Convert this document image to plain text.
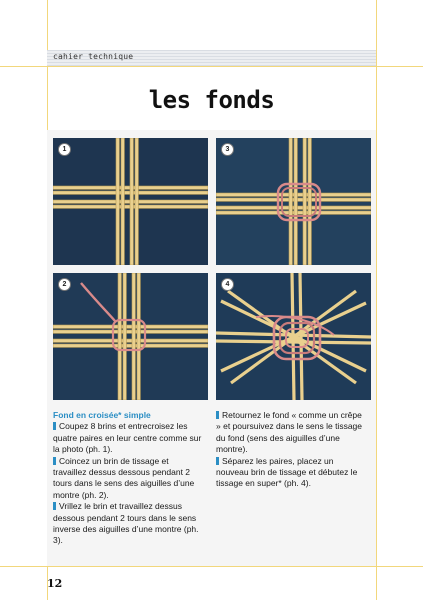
cahier technique
les fonds
1	3
2	4

Fond en croisée* simple

Coupez 8 brins et entrecroisez les quatre paires en leur centre comme sur la photo (ph. 1).

Coincez un brin de tissage et travaillez dessus dessous pendant 2 tours dans le sens des aiguilles d’une montre (ph. 2).

Vrillez le brin et travaillez dessus dessous pendant 2 tours dans le sens inverse des aiguilles d’une montre (ph. 3).

Retournez le fond « comme un crêpe » et poursuivez dans le sens le tissage du fond (sens des aiguilles d’une montre).

Séparez les paires, placez un nouveau brin de tissage et débutez le tissage en super* (ph. 4).

12
